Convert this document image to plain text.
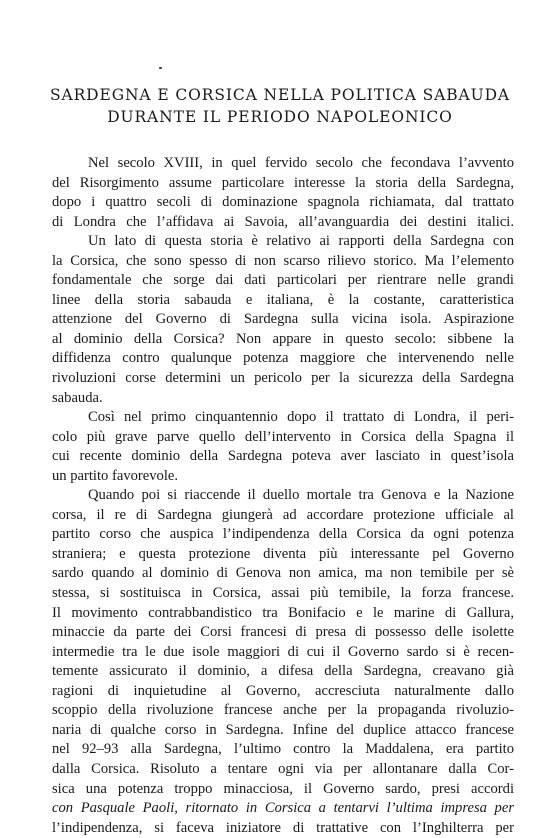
SARDEGNA E CORSICA NELLA POLITICA SABAUDA
DURANTE IL PERIODO NAPOLEONICO
Nel secolo XVIII, in quel fervido secolo che fecondava l’avvento
del Risorgimento assume particolare interesse la storia della Sardegna,
dopo i quattro secoli di dominazione spagnola richiamata, dal trattato
di Londra che l’affidava ai Savoia, all’avanguardia dei destini italici.
Un lato di questa storia è relativo ai rapporti della Sardegna con
la Corsica, che sono spesso di non scarso rilievo storico. Ma l’elemento
fondamentale che sorge dai dati particolari per rientrare nelle grandi
linee della storia sabauda e italiana, è la costante, caratteristica
attenzione del Governo di Sardegna sulla vicina isola. Aspirazione
al dominio della Corsica? Non appare in questo secolo: sibbene la
diffidenza contro qualunque potenza maggiore che intervenendo nelle
rivoluzioni corse determini un pericolo per la sicurezza della Sardegna
sabauda.
Così nel primo cinquantennio dopo il trattato di Londra, il peri-
colo più grave parve quello dell’intervento in Corsica della Spagna il
cui recente dominio della Sardegna poteva aver lasciato in quest’isola
un partito favorevole.
Quando poi si riaccende il duello mortale tra Genova e la Nazione
corsa, il re di Sardegna giungerà ad accordare protezione ufficiale al
partito corso che auspica l’indipendenza della Corsica da ogni potenza
straniera; e questa protezione diventa più interessante pel Governo
sardo quando al dominio di Genova non amica, ma non temibile per sè
stessa, si sostituisca in Corsica, assai più temibile, la forza francese.
Il movimento contrabbandistico tra Bonifacio e le marine di Gallura,
minaccie da parte dei Corsi francesi di presa di possesso delle isolette
intermedie tra le due isole maggiori di cui il Governo sardo si è recen-
temente assicurato il dominio, a difesa della Sardegna, creavano già
ragioni di inquietudine al Governo, accresciuta naturalmente dallo
scoppio della rivoluzione francese anche per la propaganda rivoluzio-
naria di qualche corso in Sardegna. Infine del duplice attacco francese
nel 92–93 alla Sardegna, l’ultimo contro la Maddalena, era partito
dalla Corsica. Risoluto a tentare ogni via per allontanare dalla Cor-
sica una potenza troppo minacciosa, il Governo sardo, presi accordi
con Pasquale Paoli, ritornato in Corsica a tentarvi l’ultima impresa per
l’indipendenza, si faceva iniziatore di trattative con l’Inghilterra per
